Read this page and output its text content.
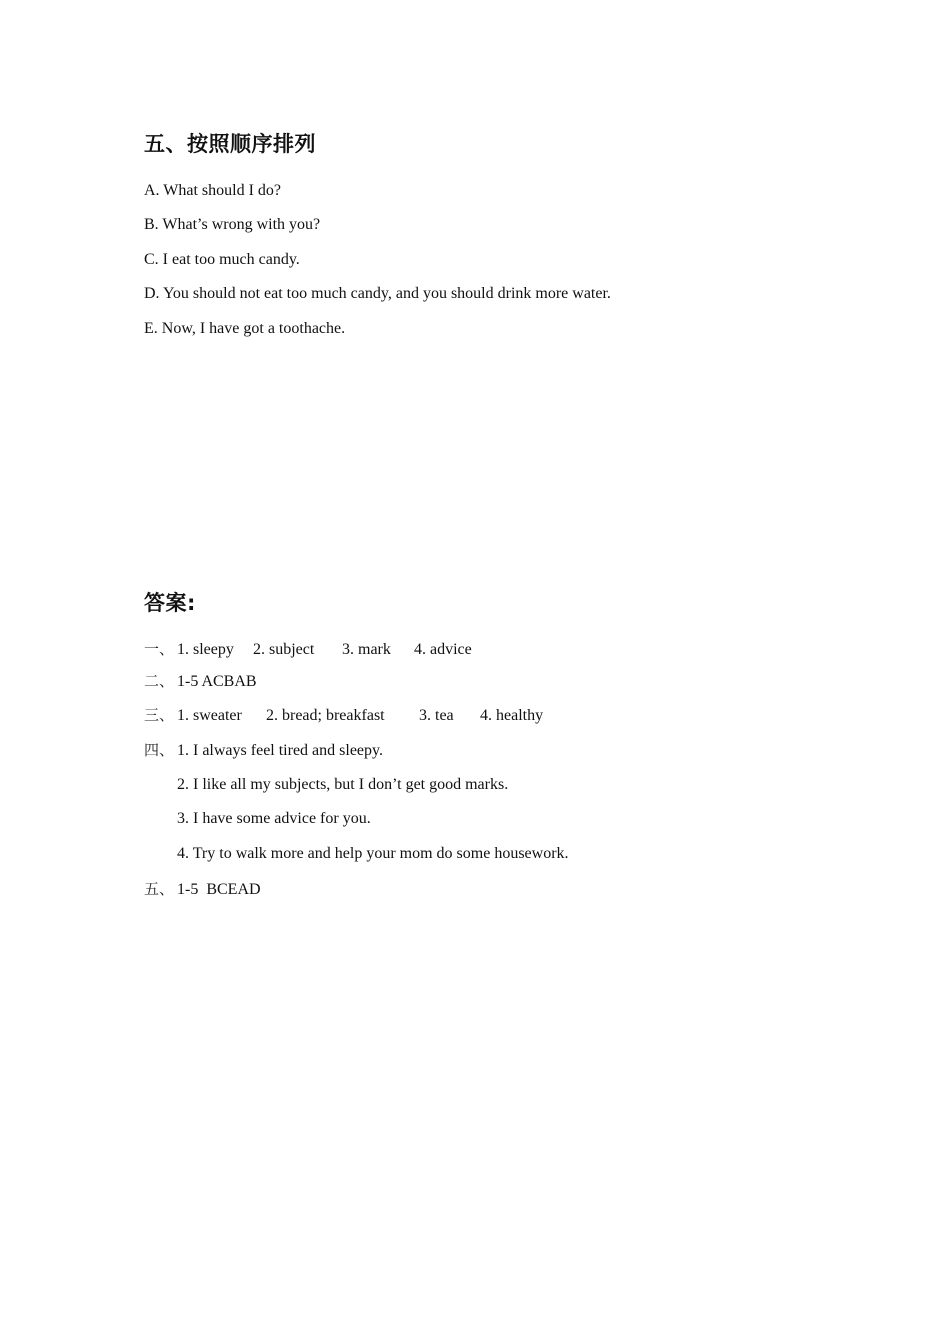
五、按照顺序排列
A. What should I do?
B. What’s wrong with you?
C. I eat too much candy.
D. You should not eat too much candy, and you should drink more water.
E. Now, I have got a toothache.
答案:
一、 1. sleepy 2. subject 3. mark 4. advice
二、 1-5 ACBAB
三、 1. sweater 2. bread; breakfast 3. tea 4. healthy
四、 1. I always feel tired and sleepy.
2. I like all my subjects, but I don’t get good marks.
3. I have some advice for you.
4. Try to walk more and help your mom do some housework.
五、 1-5  BCEAD
